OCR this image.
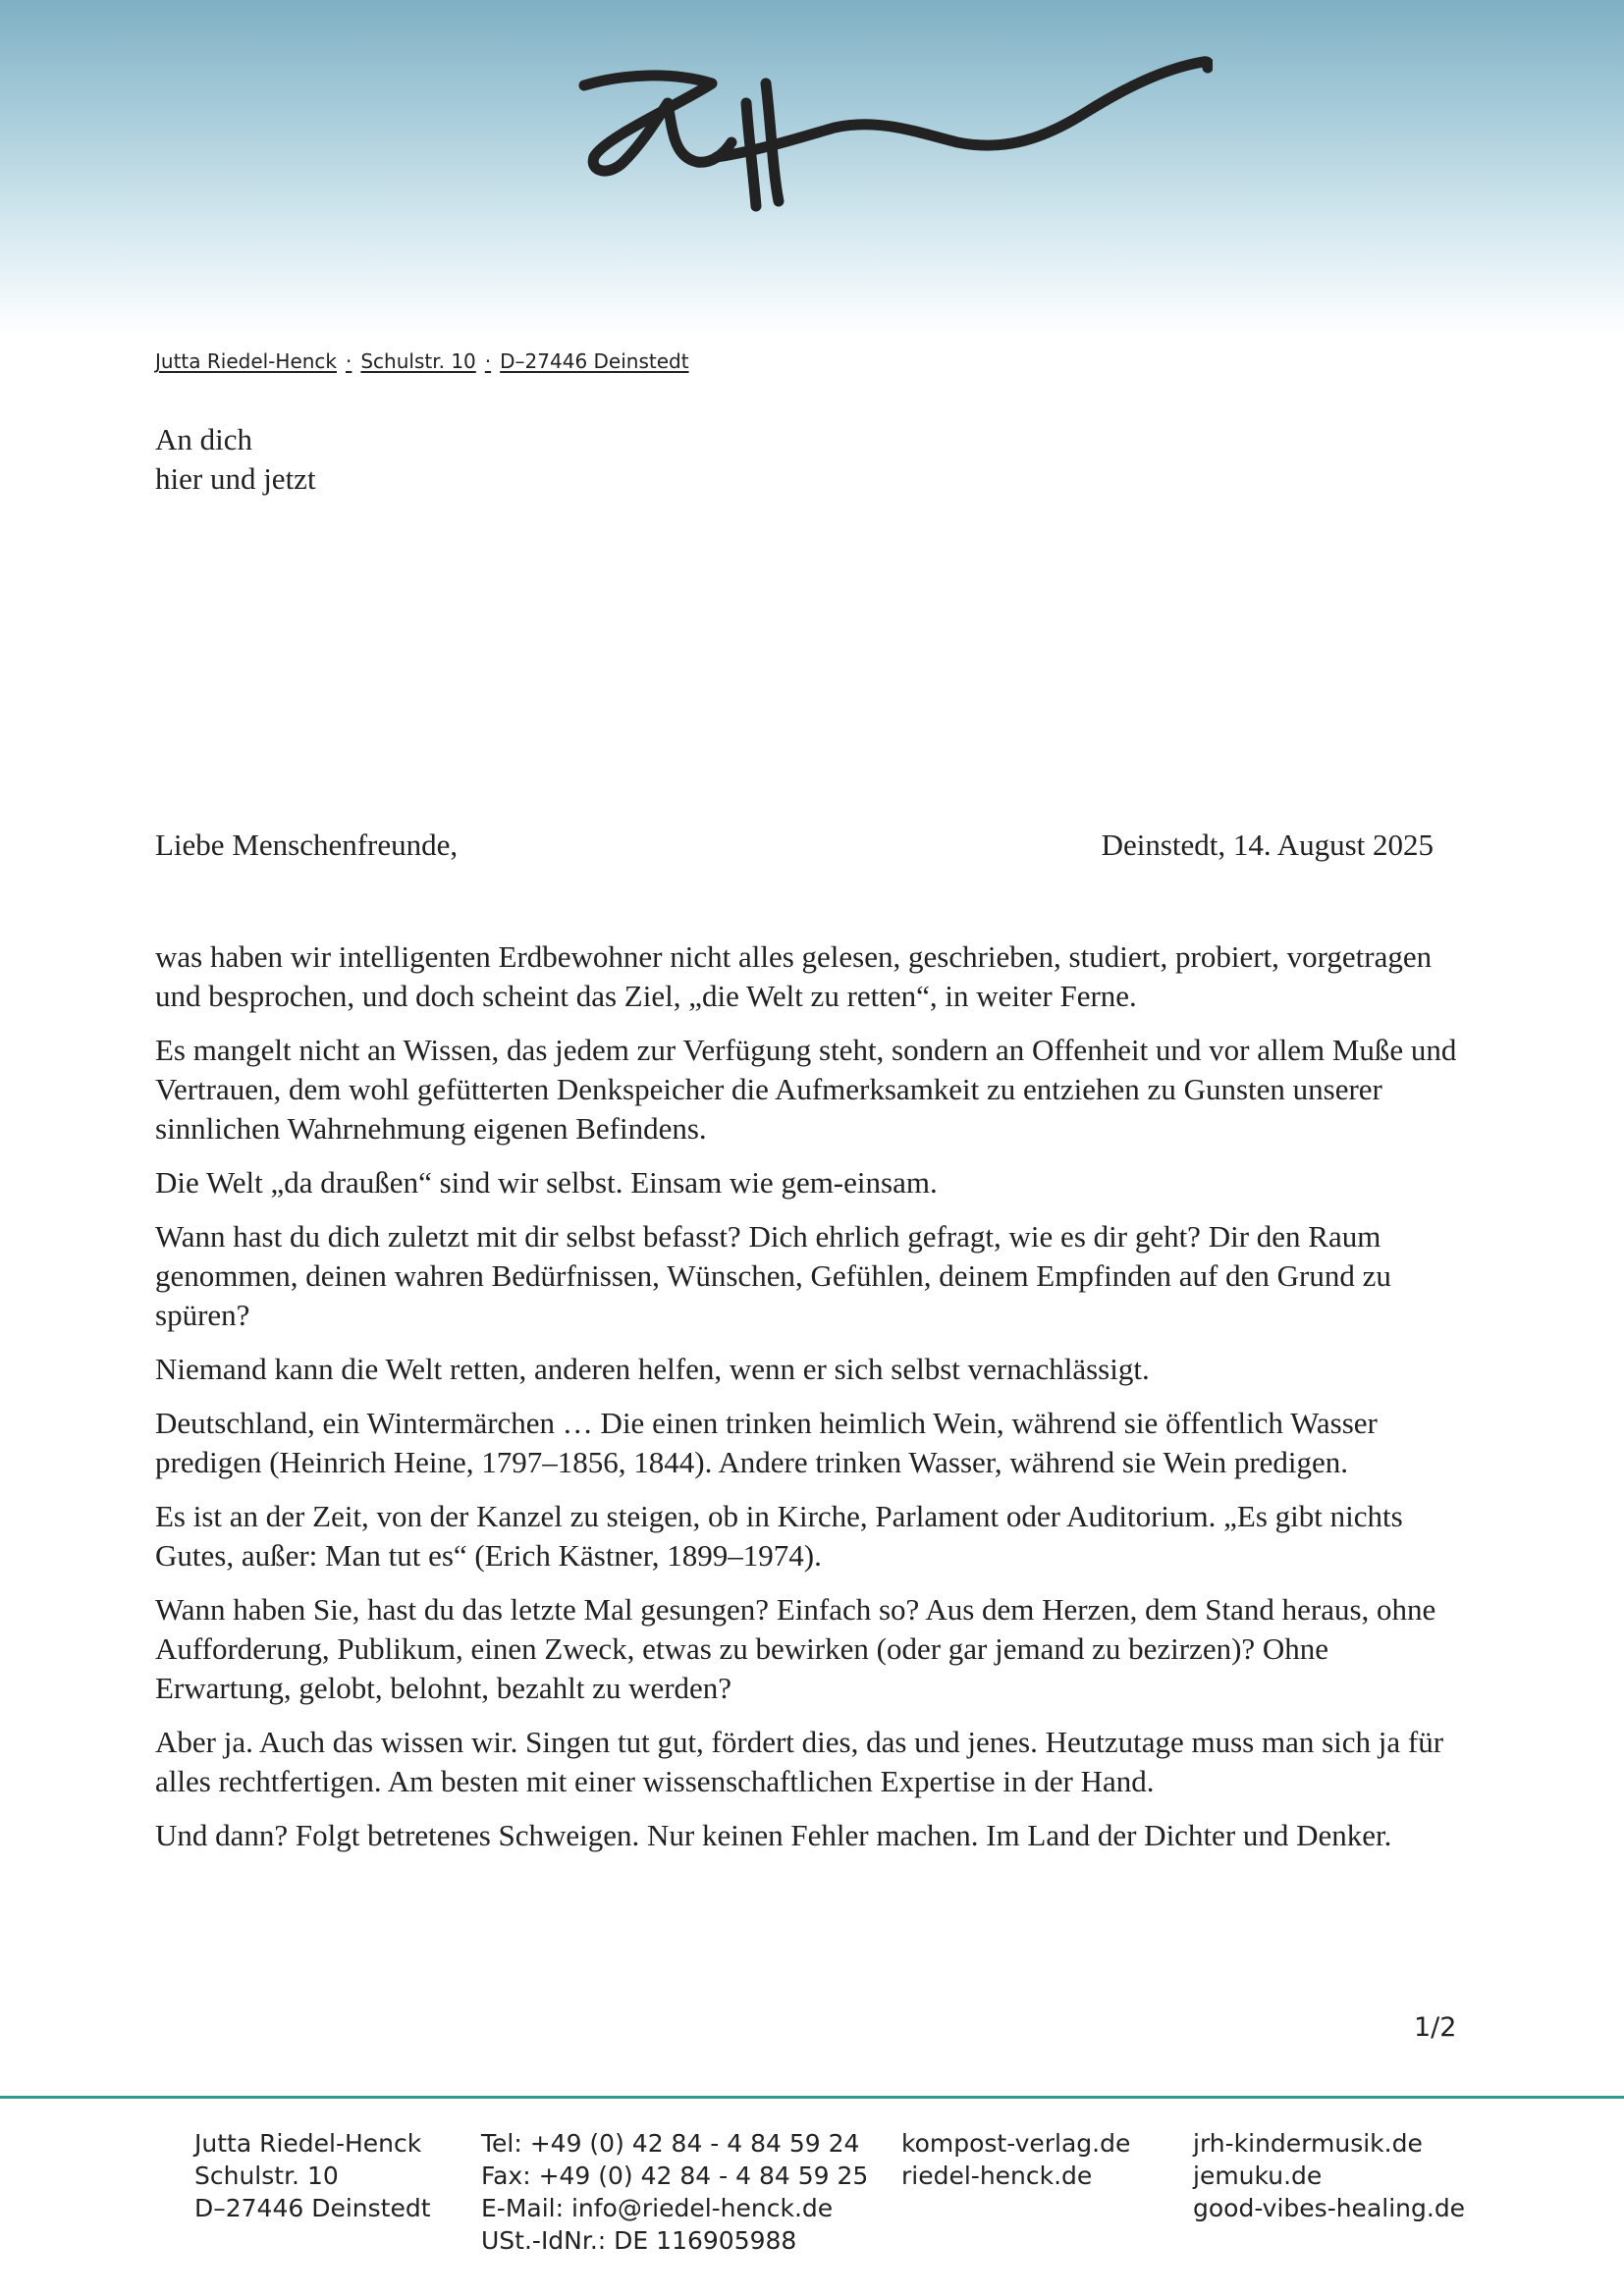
Jutta Riedel-Henck · Schulstr. 10 · D–27446 Deinstedt
An dich
hier und jetzt
Liebe Menschenfreunde,	Deinstedt, 14. August 2025

was haben wir intelligenten Erdbewohner nicht alles gelesen, geschrieben, studiert, probiert, vorgetragen und besprochen, und doch scheint das Ziel, „die Welt zu retten“, in weiter Ferne.

Es mangelt nicht an Wissen, das jedem zur Verfügung steht, sondern an Offenheit und vor allem Muße und Vertrauen, dem wohl gefütterten Denkspeicher die Aufmerksamkeit zu entziehen zu Gunsten unserer sinnlichen Wahrnehmung eigenen Befindens.

Die Welt „da draußen“ sind wir selbst. Einsam wie gem-einsam.

Wann hast du dich zuletzt mit dir selbst befasst? Dich ehrlich gefragt, wie es dir geht? Dir den Raum genommen, deinen wahren Bedürfnissen, Wünschen, Gefühlen, deinem Empfinden auf den Grund zu spüren?

Niemand kann die Welt retten, anderen helfen, wenn er sich selbst vernachlässigt.

Deutschland, ein Wintermärchen … Die einen trinken heimlich Wein, während sie öffentlich Wasser predigen (Heinrich Heine, 1797–1856, 1844). Andere trinken Wasser, während sie Wein predigen.

Es ist an der Zeit, von der Kanzel zu steigen, ob in Kirche, Parlament oder Auditorium. „Es gibt nichts Gutes, außer: Man tut es“ (Erich Kästner, 1899–1974).

Wann haben Sie, hast du das letzte Mal gesungen? Einfach so? Aus dem Herzen, dem Stand heraus, ohne Aufforderung, Publikum, einen Zweck, etwas zu bewirken (oder gar jemand zu bezirzen)? Ohne Erwartung, gelobt, belohnt, bezahlt zu werden?

Aber ja. Auch das wissen wir. Singen tut gut, fördert dies, das und jenes. Heutzutage muss man sich ja für alles rechtfertigen. Am besten mit einer wissenschaftlichen Expertise in der Hand.

Und dann? Folgt betretenes Schweigen. Nur keinen Fehler machen. Im Land der Dichter und Denker.

1/2
Jutta Riedel-Henck
Schulstr. 10
D–27446 Deinstedt
Tel: +49 (0) 42 84 - 4 84 59 24
Fax: +49 (0) 42 84 - 4 84 59 25
E-Mail: info@riedel-henck.de
USt.-IdNr.: DE 116905988
kompost-verlag.de
riedel-henck.de
jrh-kindermusik.de
jemuku.de
good-vibes-healing.de
